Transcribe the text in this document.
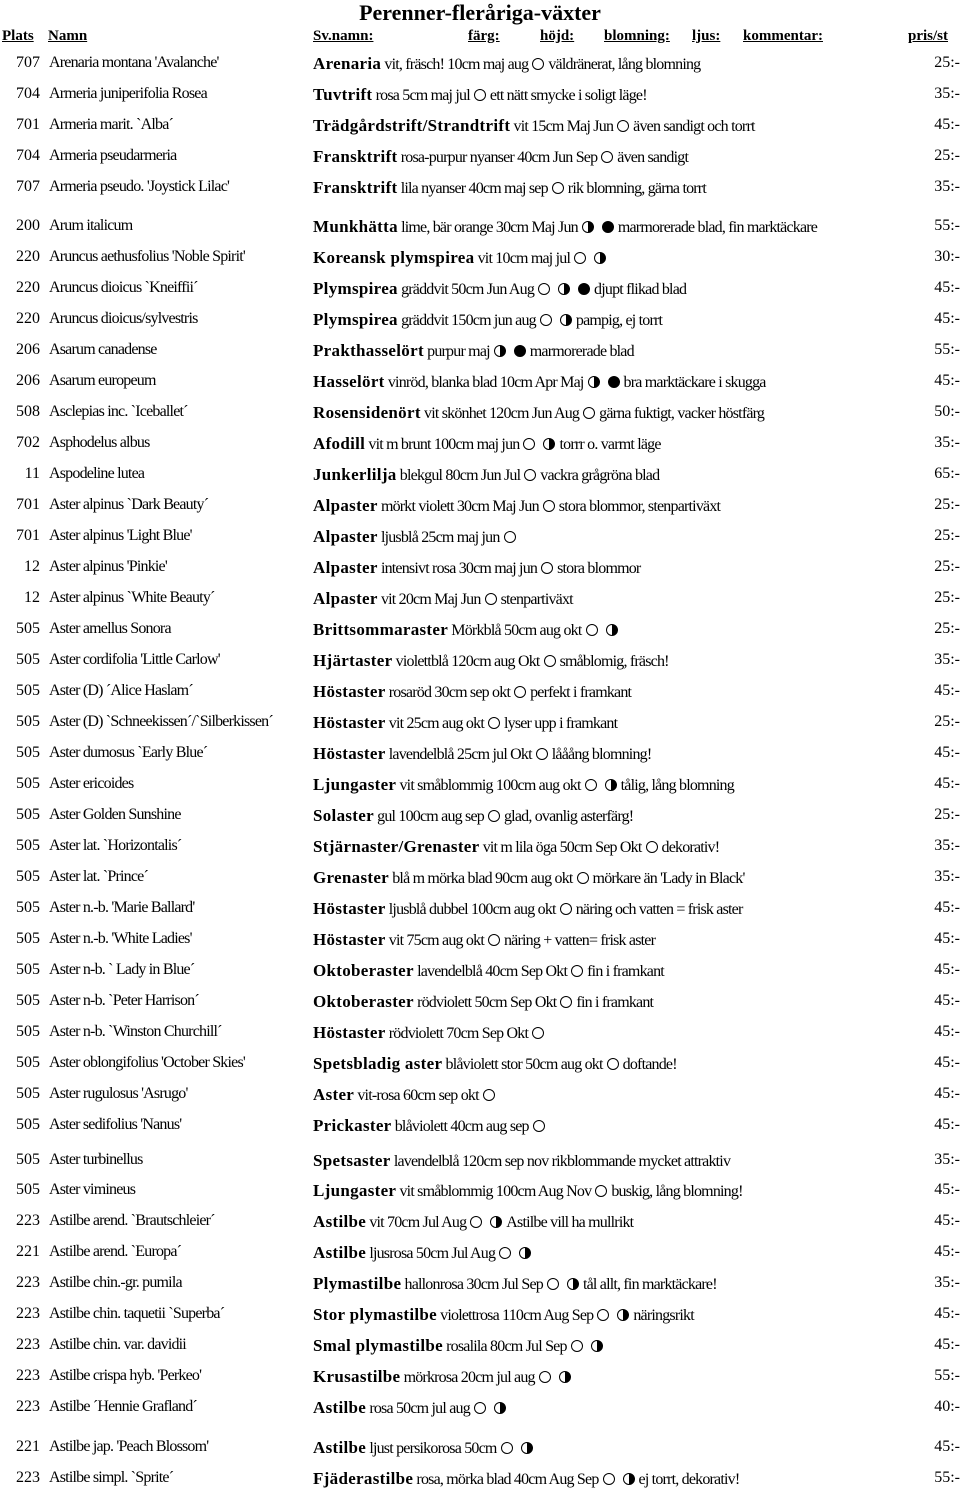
Perenner-fleråriga-växter
Plats Namn	Sv.namn:	färg:	höjd: blomning: ljus: kommentar:	pris/st
707 Arenaria montana 'Avalanche'	Arenaria vit, fräsch! 10cm maj aug väldränerat, lång blomning	25:-
704 Armeria juniperifolia Rosea	Tuvtrift rosa 5cm maj jul ett nätt smycke i soligt läge!	35:-
701 Armeria marit. `Alba´	Trädgårdstrift/Strandtrift vit 15cm Maj Jun även sandigt och torrt	45:-
704 Armeria pseudarmeria	Fransktrift rosa-purpur nyanser 40cm Jun Sep även sandigt	25:-
707 Armeria pseudo. 'Joystick Lilac'	Fransktrift lila nyanser 40cm maj sep rik blomning, gärna torrt	35:-
200 Arum italicum	Munkhätta lime, bär orange 30cm Maj Jun	marmorerade blad, fin marktäckare	55:-
220 Aruncus aethusfolius 'Noble Spirit'	Koreansk plymspirea vit 10cm maj jul	30:-
220 Aruncus dioicus `Kneiffii´	Plymspirea gräddvit 50cm Jun Aug	djupt flikad blad	45:-
220 Aruncus dioicus/sylvestris	Plymspirea gräddvit 150cm jun aug	pampig, ej torrt	45:-
206 Asarum canadense	Prakthasselört purpur maj	marmorerade blad	55:-
206 Asarum europeum	Hasselört vinröd, blanka blad 10cm Apr Maj	bra marktäckare i skugga	45:-
508 Asclepias inc. `Iceballet´	Rosensidenört vit skönhet 120cm Jun Aug gärna fuktigt, vacker höstfärg	50:-
702 Asphodelus albus	Afodill vit m brunt 100cm maj jun	torrr o. varmt läge	35:-
11 Aspodeline lutea	Junkerlilja blekgul 80cm Jun Jul vackra grågröna blad	65:-
701 Aster alpinus `Dark Beauty´	Alpaster mörkt violett 30cm Maj Jun stora blommor, stenpartiväxt	25:-
701 Aster alpinus 'Light Blue'	Alpaster ljusblå 25cm maj jun	25:-
12 Aster alpinus 'Pinkie'	Alpaster intensivt rosa 30cm maj jun stora blommor	25:-
12 Aster alpinus `White Beauty´	Alpaster vit 20cm Maj Jun stenpartiväxt	25:-
505 Aster amellus Sonora	Brittsommaraster Mörkblå 50cm aug okt	25:-
505 Aster cordifolia 'Little Carlow'	Hjärtaster violettblå 120cm aug Okt småblomig, fräsch!	35:-
505 Aster (D) ´Alice Haslam´	Höstaster rosaröd 30cm sep okt perfekt i framkant	45:-
505 Aster (D) `Schneekissen´/`Silberkissen´	Höstaster vit 25cm aug okt lyser upp i framkant	25:-
505 Aster dumosus `Early Blue´	Höstaster lavendelblå 25cm jul Okt lååång blomning!	45:-
505 Aster ericoides	Ljungaster vit småblommig 100cm aug okt	tålig, lång blomning	45:-
505 Aster Golden Sunshine	Solaster gul 100cm aug sep glad, ovanlig asterfärg!	25:-
505 Aster lat. `Horizontalis´	Stjärnaster/Grenaster vit m lila öga 50cm Sep Okt dekorativ!	35:-
505 Aster lat. `Prince´	Grenaster blå m mörka blad 90cm aug okt mörkare än 'Lady in Black'	35:-
505 Aster n.-b. 'Marie Ballard'	Höstaster ljusblå dubbel 100cm aug okt näring och vatten = frisk aster	45:-
505 Aster n.-b. 'White Ladies'	Höstaster vit 75cm aug okt näring + vatten= frisk aster	45:-
505 Aster n-b. ` Lady in Blue´	Oktoberaster lavendelblå 40cm Sep Okt fin i framkant	45:-
505 Aster n-b. `Peter Harrison´	Oktoberaster rödviolett 50cm Sep Okt fin i framkant	45:-
505 Aster n-b. `Winston Churchill´	Höstaster rödviolett 70cm Sep Okt	45:-
505 Aster oblongifolius 'October Skies'	Spetsbladig aster blåviolett stor 50cm aug okt doftande!	45:-
505 Aster rugulosus 'Asrugo'	Aster vit-rosa 60cm sep okt	45:-
505 Aster sedifolius 'Nanus'	Prickaster blåviolett 40cm aug sep	45:-
505 Aster turbinellus	Spetsaster lavendelblå 120cm sep nov rikblommande mycket attraktiv	35:-
505 Aster vimineus	Ljungaster vit småblommig 100cm Aug Nov buskig, lång blomning!	45:-
223 Astilbe arend. `Brautschleier´	Astilbe vit 70cm Jul Aug	Astilbe vill ha mullrikt	45:-
221 Astilbe arend. `Europa´	Astilbe ljusrosa 50cm Jul Aug	45:-
223 Astilbe chin.-gr. pumila	Plymastilbe hallonrosa 30cm Jul Sep	tål allt, fin marktäckare!	35:-
223 Astilbe chin. taquetii `Superba´	Stor plymastilbe violettrosa 110cm Aug Sep	näringsrikt	45:-
223 Astilbe chin. var. davidii	Smal plymastilbe rosalila 80cm Jul Sep	45:-
223 Astilbe crispa hyb. 'Perkeo'	Krusastilbe mörkrosa 20cm jul aug	55:-
223 Astilbe ´Hennie Grafland´	Astilbe rosa 50cm jul aug	40:-
221 Astilbe jap. 'Peach Blossom'	Astilbe ljust persikorosa 50cm	45:-
223 Astilbe simpl. `Sprite´	Fjäderastilbe rosa, mörka blad 40cm Aug Sep	ej torrt, dekorativ!	55:-
